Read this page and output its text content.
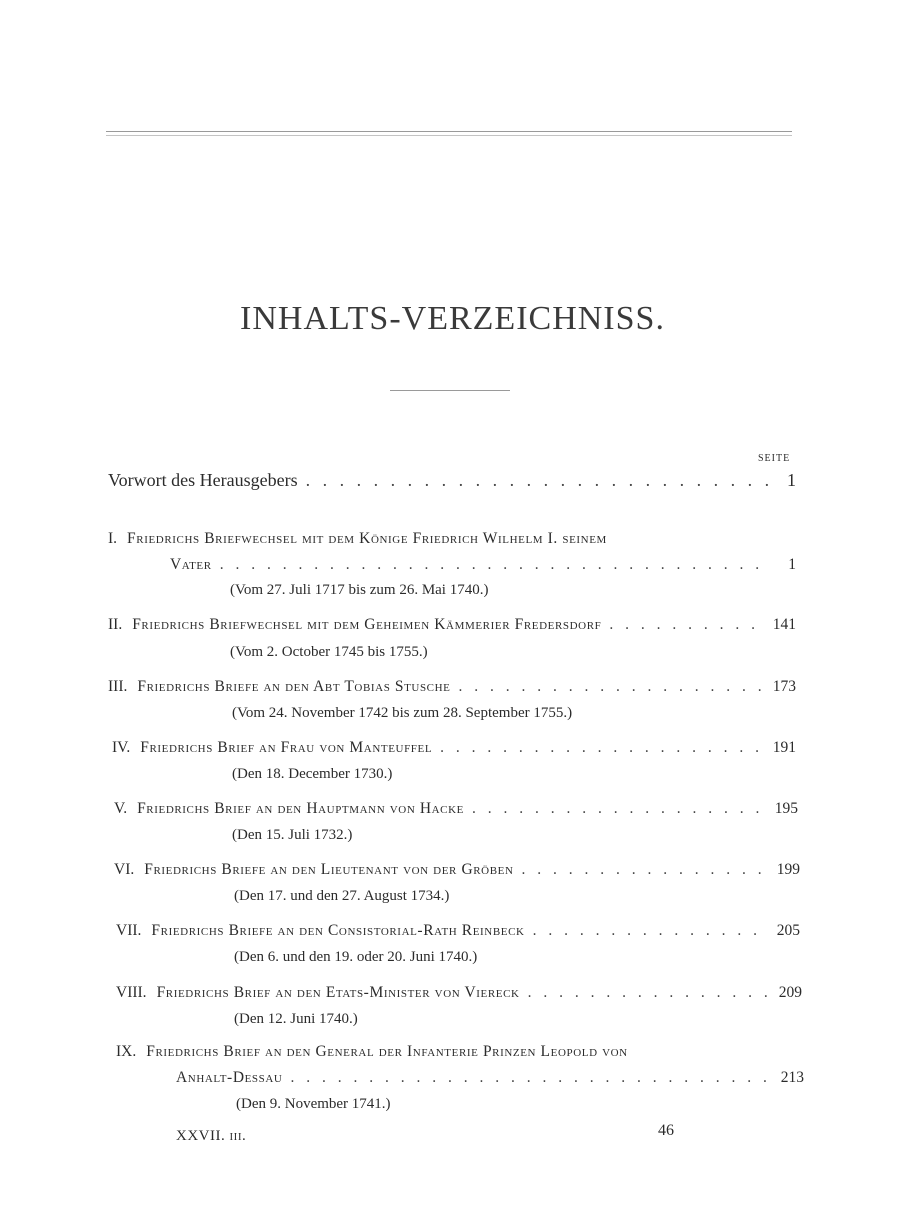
INHALTS-VERZEICHNISS.
SEITE
Vorwort des Herausgebers . . .	1
I. Friedrichs Briefwechsel mit dem Könige Friedrich Wilhelm I. seinem
Vater . . .	1
(Vom 27. Juli 1717 bis zum 26. Mai 1740.)
II. Friedrichs Briefwechsel mit dem Geheimen Kämmerier Fredersdorf . . .	141
(Vom 2. October 1745 bis 1755.)
III. Friedrichs Briefe an den Abt Tobias Stusche . . .	173
(Vom 24. November 1742 bis zum 28. September 1755.)
IV. Friedrichs Brief an Frau von Manteuffel . . .	191
(Den 18. December 1730.)
V. Friedrichs Brief an den Hauptmann von Hacke . . .	195
(Den 15. Juli 1732.)
VI. Friedrichs Briefe an den Lieutenant von der Gröben . . .	199
(Den 17. und den 27. August 1734.)
VII. Friedrichs Briefe an den Consistorial-Rath Reinbeck . . .	205
(Den 6. und den 19. oder 20. Juni 1740.)
VIII. Friedrichs Brief an den Etats-Minister von Viereck . . .	209
(Den 12. Juni 1740.)
IX. Friedrichs Brief an den General der Infanterie Prinzen Leopold von
Anhalt-Dessau . . .	213
(Den 9. November 1741.)
XXVII. iii.	46
